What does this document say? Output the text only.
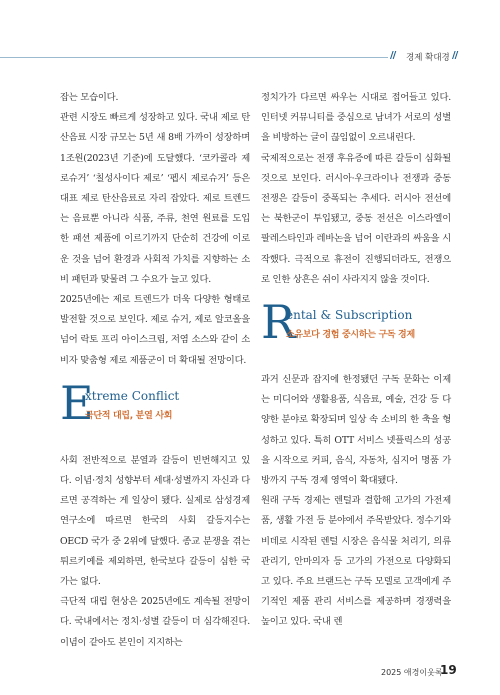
// 경제 확대경 //

잡는 모습이다.
관련 시장도 빠르게 성장하고 있다. 국내 제로 탄산음료 시장 규모는 5년 새 8배 가까이 성장하며 1조원(2023년 기준)에 도달했다. ‘코카콜라 제로슈거’ ‘칠성사이다 제로’ ‘펩시 제로슈거’ 등은 대표 제로 탄산음료로 자리 잡았다. 제로 트렌드는 음료뿐 아니라 식품, 주류, 천연 원료를 도입한 패션 제품에 이르기까지 단순히 건강에 이로운 것을 넘어 환경과 사회적 가치를 지향하는 소비 패턴과 맞물려 그 수요가 늘고 있다.
2025년에는 제로 트렌드가 더욱 다양한 형태로 발전할 것으로 보인다. 제로 슈거, 제로 알코올을 넘어 락토 프리 아이스크림, 저염 소스와 같이 소비자 맞춤형 제로 제품군이 더 확대될 전망이다.

E
xtreme Conflict
극단적 대립, 분열 사회

사회 전반적으로 분열과 갈등이 빈번해지고 있다. 이념·정치 성향부터 세대·성별까지 자신과 다르면 공격하는 게 일상이 됐다. 실제로 삼성경제연구소에 따르면 한국의 사회 갈등지수는 OECD 국가 중 2위에 달했다. 종교 분쟁을 겪는 튀르키예를 제외하면, 한국보다 갈등이 심한 국가는 없다.
극단적 대립 현상은 2025년에도 계속될 전망이다. 국내에서는 정치·성별 갈등이 더 심각해진다. 이념이 같아도 본인이 지지하는

정치가가 다르면 싸우는 시대로 접어들고 있다. 인터넷 커뮤니티를 중심으로 남녀가 서로의 성별을 비방하는 글이 끊임없이 오르내린다.
국제적으로는 전쟁 후유증에 따른 갈등이 심화될 것으로 보인다. 러시아·우크라이나 전쟁과 중동 전쟁은 갈등이 중폭되는 추세다. 러시아 전선에는 북한군이 투입됐고, 중동 전선은 이스라엘이 팔레스타인과 레바논을 넘어 이란과의 싸움을 시작했다. 극적으로 휴전이 진행되더라도, 전쟁으로 인한 상흔은 쉬이 사라지지 않을 것이다.

R
ental & Subscription
소유보다 경험 중시하는 구독 경제

과거 신문과 잡지에 한정됐던 구독 문화는 이제는 미디어와 생활용품, 식음료, 예술, 건강 등 다양한 분야로 확장되며 일상 속 소비의 한 축을 형성하고 있다. 특히 OTT 서비스 넷플릭스의 성공을 시작으로 커피, 음식, 자동차, 심지어 명품 가방까지 구독 경제 영역이 확대됐다.
원래 구독 경제는 렌털과 결합해 고가의 가전제품, 생활 가전 등 분야에서 주목받았다. 정수기와 비데로 시작된 렌털 시장은 음식물 처리기, 의류 관리기, 안마의자 등 고가의 가전으로 다양화되고 있다. 주요 브랜드는 구독 모델로 고객에게 주기적인 제품 관리 서비스를 제공하며 경쟁력을 높이고 있다. 국내 렌

2025 애경이웃록
19
